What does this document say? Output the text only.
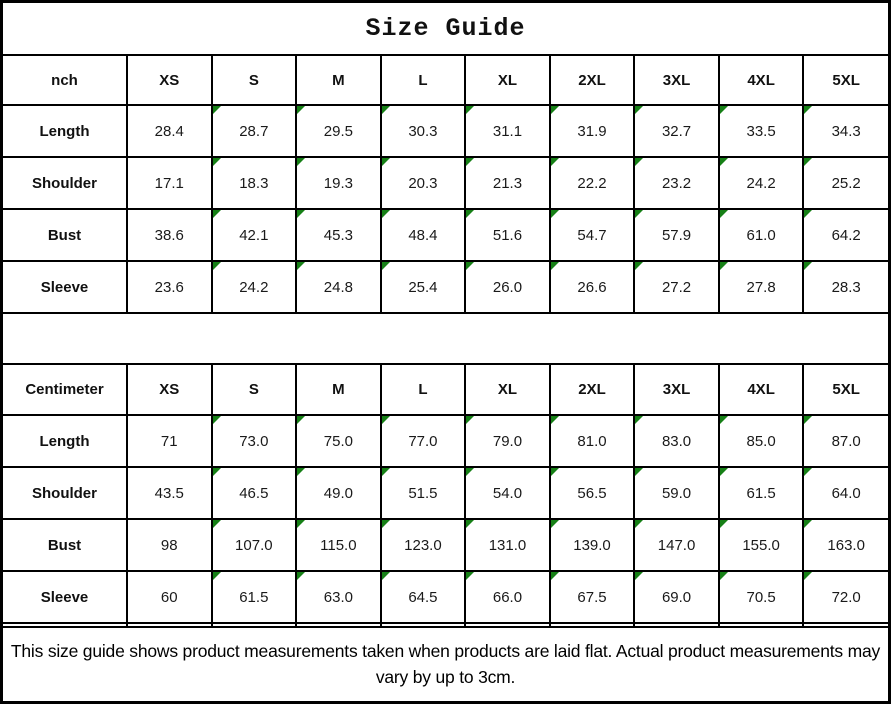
Size Guide
nch	XS	S	M	L	XL	2XL	3XL	4XL	5XL
Length	28.4	28.7	29.5	30.3	31.1	31.9	32.7	33.5	34.3
Shoulder	17.1	18.3	19.3	20.3	21.3	22.2	23.2	24.2	25.2
Bust	38.6	42.1	45.3	48.4	51.6	54.7	57.9	61.0	64.2
Sleeve	23.6	24.2	24.8	25.4	26.0	26.6	27.2	27.8	28.3
Centimeter	XS	S	M	L	XL	2XL	3XL	4XL	5XL
Length	71	73.0	75.0	77.0	79.0	81.0	83.0	85.0	87.0
Shoulder	43.5	46.5	49.0	51.5	54.0	56.5	59.0	61.5	64.0
Bust	98	107.0	115.0	123.0	131.0	139.0	147.0	155.0	163.0
Sleeve	60	61.5	63.0	64.5	66.0	67.5	69.0	70.5	72.0

This size guide shows product measurements taken when products are laid flat. Actual product measurements may vary by up to 3cm.
